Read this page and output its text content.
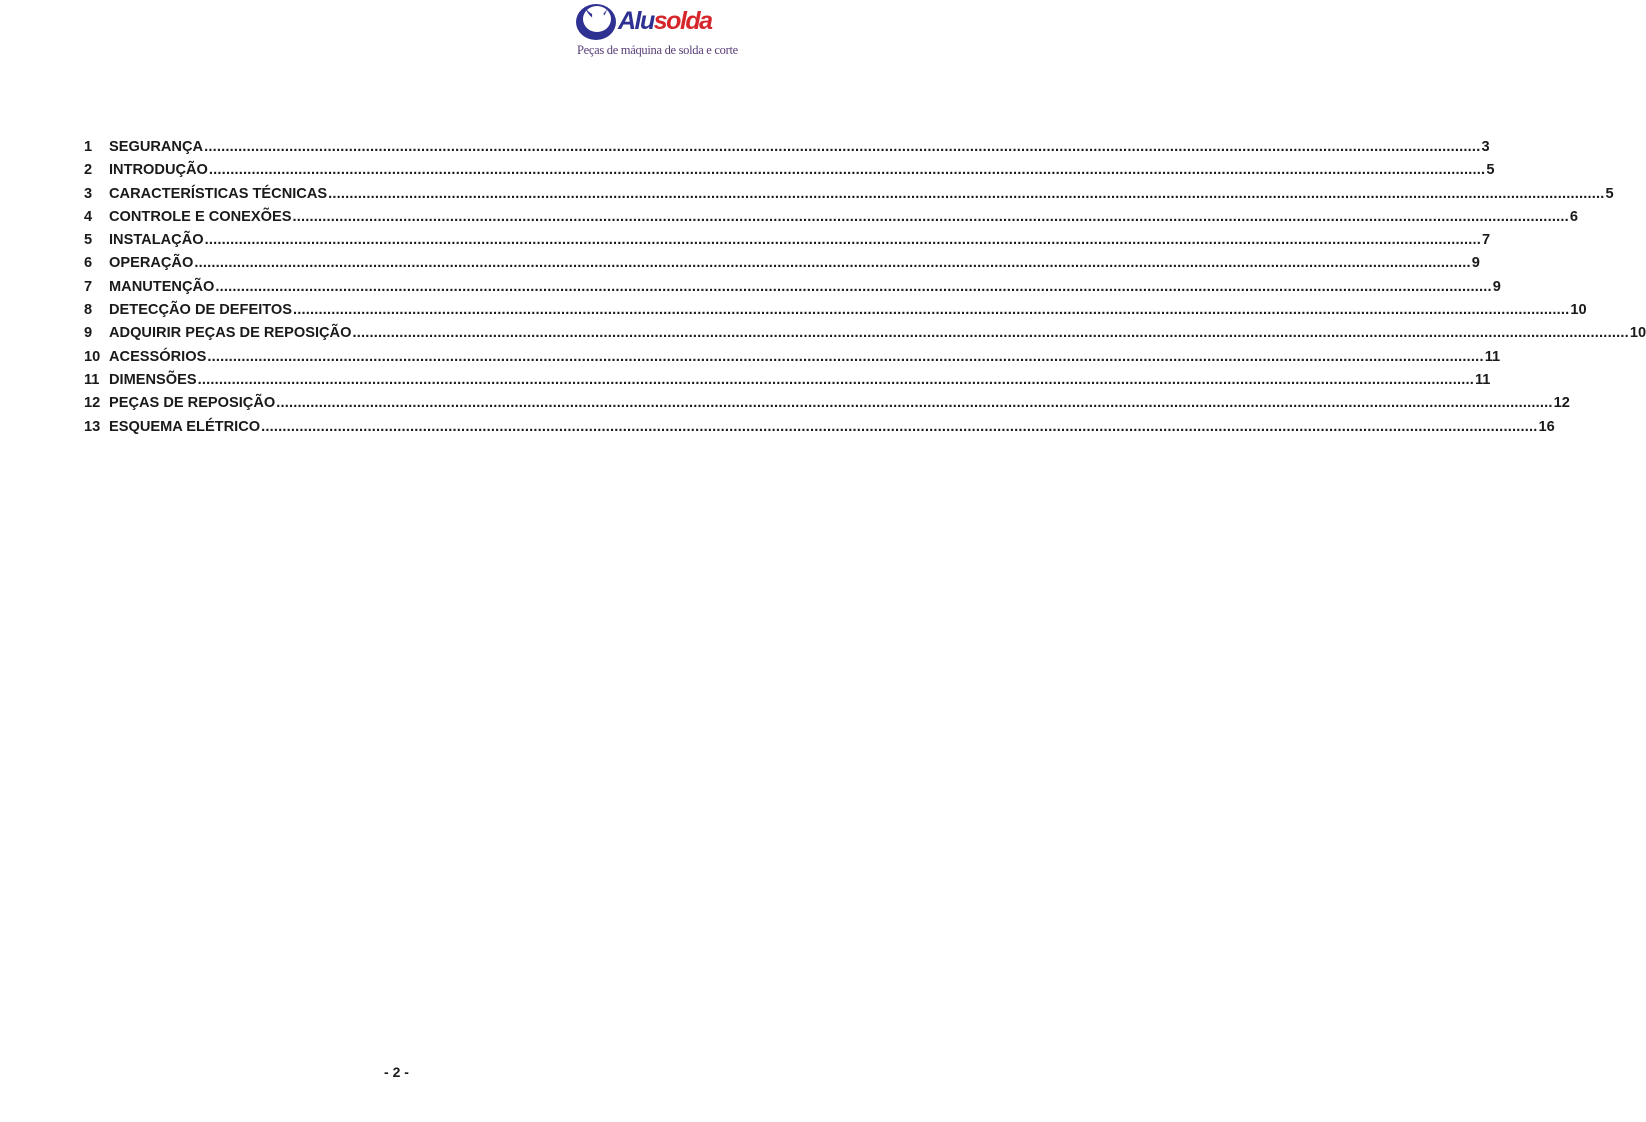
Alusolda
Peças de máquina de solda e corte
1	SEGURANÇA ............................................................................................................................................................................................................................................................................................................ 3
2	INTRODUÇÃO ............................................................................................................................................................................................................................................................................................................ 5
3	CARACTERÍSTICAS TÉCNICAS ............................................................................................................................................................................................................................................................................................................ 5
4	CONTROLE E CONEXÕES ............................................................................................................................................................................................................................................................................................................ 6
5	INSTALAÇÃO ............................................................................................................................................................................................................................................................................................................ 7
6	OPERAÇÃO ............................................................................................................................................................................................................................................................................................................ 9
7	MANUTENÇÃO ............................................................................................................................................................................................................................................................................................................ 9
8	DETECÇÃO DE DEFEITOS ............................................................................................................................................................................................................................................................................................................ 10
9	ADQUIRIR PEÇAS DE REPOSIÇÃO ............................................................................................................................................................................................................................................................................................................ 10
10 ACESSÓRIOS ............................................................................................................................................................................................................................................................................................................ 11
11 DIMENSÕES ............................................................................................................................................................................................................................................................................................................ 11
12 PEÇAS DE REPOSIÇÃO ............................................................................................................................................................................................................................................................................................................ 12
13 ESQUEMA ELÉTRICO ............................................................................................................................................................................................................................................................................................................ 16
- 2 -
